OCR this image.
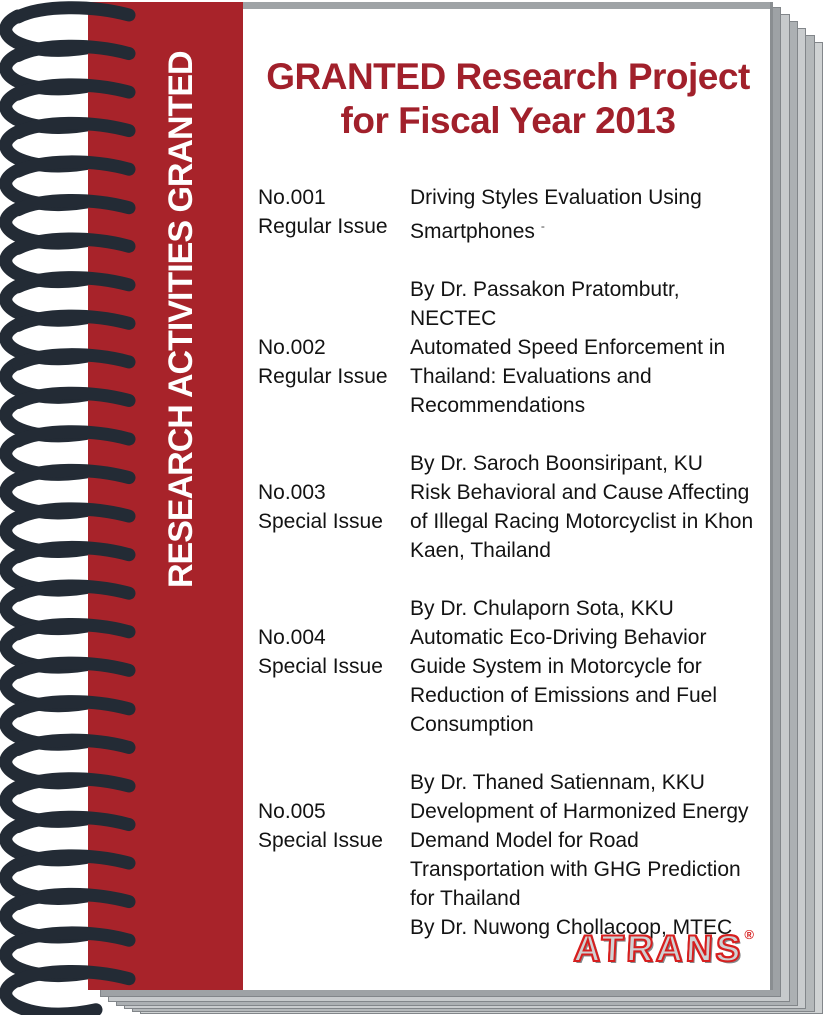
RESEARCH ACTIVITIES GRANTED GRANTED Research Project
for Fiscal Year 2013
No.001
Regular Issue
Driving Styles Evaluation Using Smartphones -
By Dr. Passakon Pratombutr, NECTEC
No.002
Regular Issue
Automated Speed Enforcement in Thailand: Evaluations and Recommendations
By Dr. Saroch Boonsiripant, KU
No.003
Special Issue
Risk Behavioral and Cause Affecting of Illegal Racing Motorcyclist in Khon Kaen, Thailand
By Dr. Chulaporn Sota, KKU
No.004
Special Issue
Automatic Eco-Driving Behavior Guide System in Motorcycle for Reduction of Emissions and Fuel Consumption
By Dr. Thaned Satiennam, KKU
No.005
Special Issue
Development of Harmonized Energy Demand Model for Road Transportation with GHG Prediction for Thailand
By Dr. Nuwong Chollacoop, MTEC
ATRANS®
